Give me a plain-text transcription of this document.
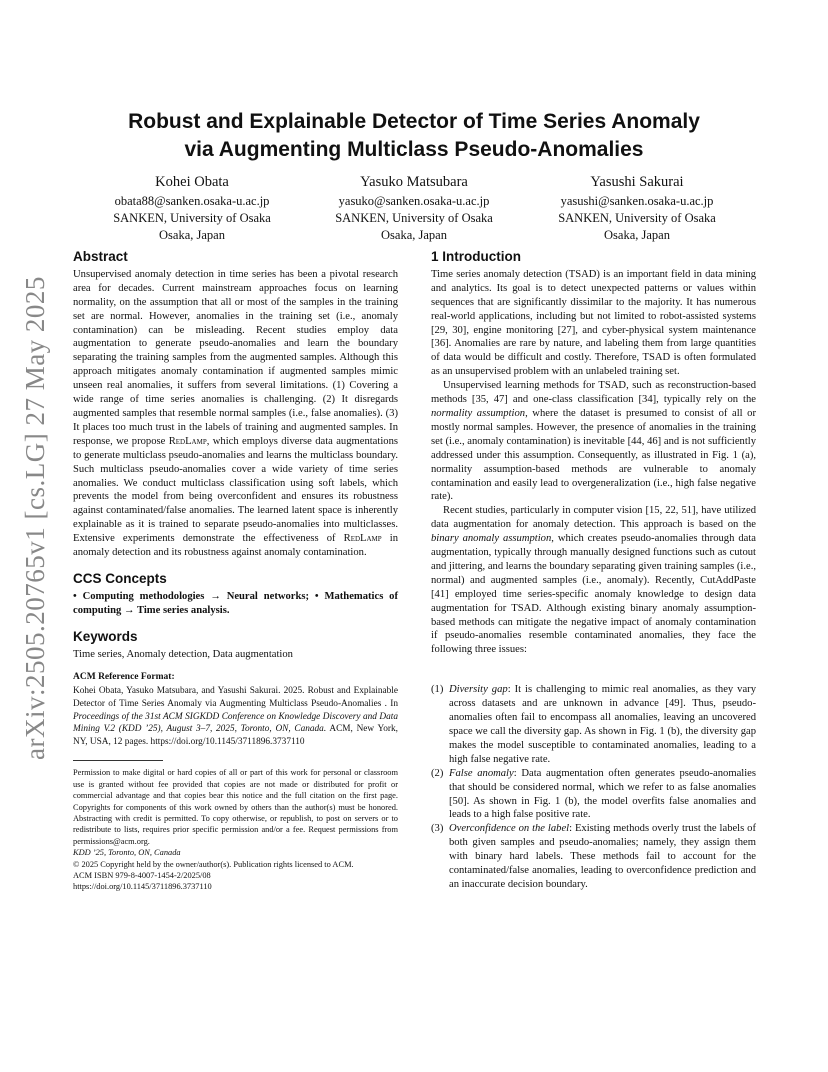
arXiv:2505.20765v1 [cs.LG] 27 May 2025
Robust and Explainable Detector of Time Series Anomaly
via Augmenting Multiclass Pseudo-Anomalies
Kohei Obata
obata88@sanken.osaka-u.ac.jp
SANKEN, University of Osaka
Osaka, Japan
Yasuko Matsubara
yasuko@sanken.osaka-u.ac.jp
SANKEN, University of Osaka
Osaka, Japan
Yasushi Sakurai
yasushi@sanken.osaka-u.ac.jp
SANKEN, University of Osaka
Osaka, Japan
Abstract

Unsupervised anomaly detection in time series has been a pivotal research area for decades. Current mainstream approaches focus on learning normality, on the assumption that all or most of the samples in the training set are normal. However, anomalies in the training set (i.e., anomaly contamination) can be misleading. Recent studies employ data augmentation to generate pseudo-anomalies and learn the boundary separating the training samples from the augmented samples. Although this approach mitigates anomaly contamination if augmented samples mimic unseen real anomalies, it suffers from several limitations. (1) Covering a wide range of time series anomalies is challenging. (2) It disregards augmented samples that resemble normal samples (i.e., false anomalies). (3) It places too much trust in the labels of training and augmented samples. In response, we propose RedLamp, which employs diverse data augmentations to generate multiclass pseudo-anomalies and learns the multiclass boundary. Such multiclass pseudo-anomalies cover a wide variety of time series anomalies. We conduct multiclass classification using soft labels, which prevents the model from being overconfident and ensures its robustness against contaminated/false anomalies. The learned latent space is inherently explainable as it is trained to separate pseudo-anomalies into multiclasses. Extensive experiments demonstrate the effectiveness of RedLamp in anomaly detection and its robustness against anomaly contamination.

CCS Concepts

• Computing methodologies → Neural networks; • Mathematics of computing → Time series analysis.

Keywords

Time series, Anomaly detection, Data augmentation

ACM Reference Format:

Kohei Obata, Yasuko Matsubara, and Yasushi Sakurai. 2025. Robust and Explainable Detector of Time Series Anomaly via Augmenting Multiclass Pseudo-Anomalies . In Proceedings of the 31st ACM SIGKDD Conference on Knowledge Discovery and Data Mining V.2 (KDD ’25), August 3–7, 2025, Toronto, ON, Canada. ACM, New York, NY, USA, 12 pages. https://doi.org/10.1145/3711896.3737110

Permission to make digital or hard copies of all or part of this work for personal or classroom use is granted without fee provided that copies are not made or distributed for profit or commercial advantage and that copies bear this notice and the full citation on the first page. Copyrights for components of this work owned by others than the author(s) must be honored. Abstracting with credit is permitted. To copy otherwise, or republish, to post on servers or to redistribute to lists, requires prior specific permission and/or a fee. Request permissions from permissions@acm.org.

KDD ’25, Toronto, ON, Canada
© 2025 Copyright held by the owner/author(s). Publication rights licensed to ACM.
ACM ISBN 979-8-4007-1454-2/2025/08
https://doi.org/10.1145/3711896.3737110
1 Introduction

Time series anomaly detection (TSAD) is an important field in data mining and analytics. Its goal is to detect unexpected patterns or values within sequences that are significantly dissimilar to the majority. It has numerous real-world applications, including but not limited to robot-assisted systems [29, 30], engine monitoring [27], and cyber-physical system maintenance [36]. Anomalies are rare by nature, and labeling them from large quantities of data would be difficult and costly. Therefore, TSAD is often formulated as an unsupervised problem with an unlabeled training set.

Unsupervised learning methods for TSAD, such as reconstruction-based methods [35, 47] and one-class classification [34], typically rely on the normality assumption, where the dataset is presumed to consist of all or mostly normal samples. However, the presence of anomalies in the training set (i.e., anomaly contamination) is inevitable [44, 46] and is not sufficiently addressed under this assumption. Consequently, as illustrated in Fig. 1 (a), normality assumption-based methods are vulnerable to anomaly contamination and easily lead to overgeneralization (i.e., high false negative rate).

Recent studies, particularly in computer vision [15, 22, 51], have utilized data augmentation for anomaly detection. This approach is based on the binary anomaly assumption, which creates pseudo-anomalies through data augmentation, typically through manually designed functions such as cutout and jittering, and learns the boundary separating given training samples (i.e., normal) and augmented samples (i.e., anomaly). Recently, CutAddPaste [41] employed time series-specific anomaly knowledge to design data augmentation for TSAD. Although existing binary anomaly assumption-based methods can mitigate the negative impact of anomaly contamination if pseudo-anomalies resemble contaminated anomalies, they face the following three issues:

(1) Diversity gap: It is challenging to mimic real anomalies, as they vary across datasets and are unknown in advance [49]. Thus, pseudo-anomalies often fail to encompass all anomalies, leaving an uncovered space we call the diversity gap. As shown in Fig. 1 (b), the diversity gap makes the model susceptible to contaminated anomalies, leading to a high false negative rate.
(2) False anomaly: Data augmentation often generates pseudo-anomalies that should be considered normal, which we refer to as false anomalies [50]. As shown in Fig. 1 (b), the model overfits false anomalies and leads to a high false positive rate.
(3) Overconfidence on the label: Existing methods overly trust the labels of both given samples and pseudo-anomalies; namely, they assign them with binary hard labels. These methods fail to account for the contaminated/false anomalies, leading to overconfidence prediction and an inaccurate decision boundary.
